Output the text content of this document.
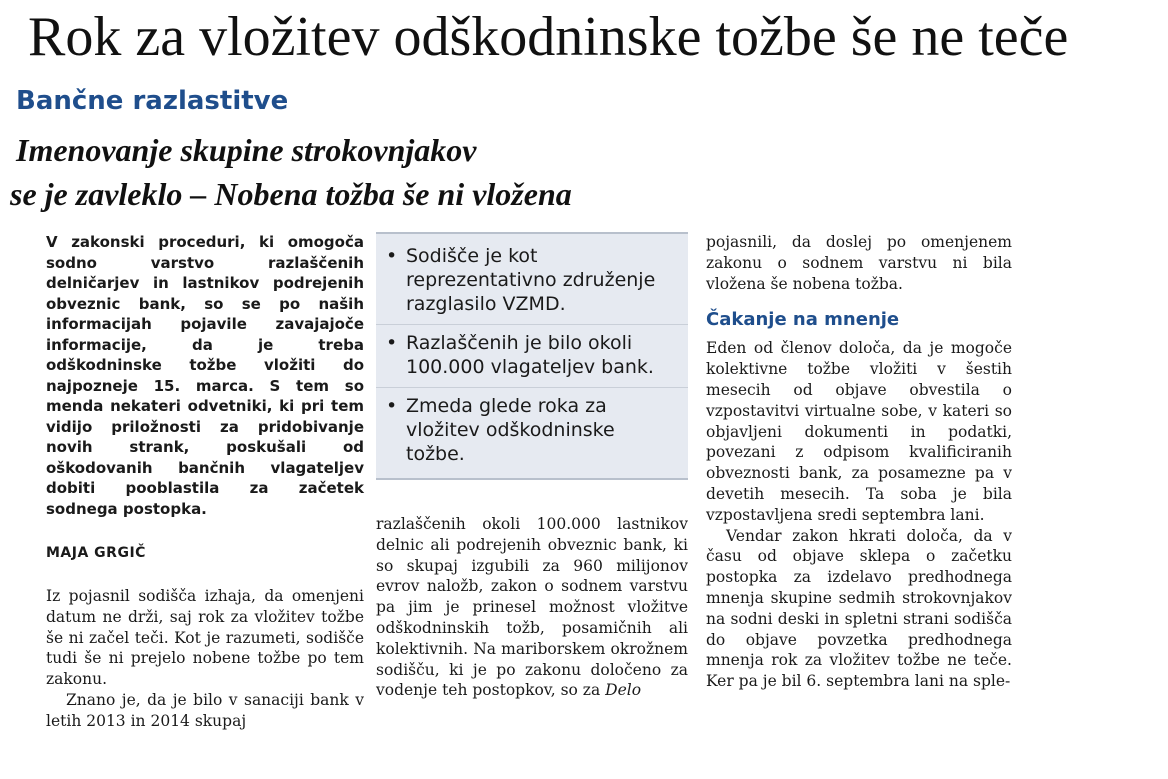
Rok za vložitev odškodninske tožbe še ne teče
Bančne razlastitve
Imenovanje skupine strokovnjakov
se je zavleklo – Nobena tožba še ni vložena

V zakonski proceduri, ki omogoča sodno varstvo razlaščenih delničarjev in lastnikov podrejenih obveznic bank, so se po naših informacijah pojavile zavajajoče informacije, da je treba odškodninske tožbe vložiti do najpozneje 15. marca. S tem so menda nekateri odvetniki, ki pri tem vidijo priložnosti za pridobivanje novih strank, poskušali od oškodovanih bančnih vlagateljev dobiti pooblastila za začetek sodnega postopka.

MAJA GRGIČ

Iz pojasnil sodišča izhaja, da omenjeni datum ne drži, saj rok za vložitev tožbe še ni začel teči. Kot je razumeti, sodišče tudi še ni prejelo nobene tožbe po tem zakonu.

Znano je, da je bilo v sanaciji bank v letih 2013 in 2014 skupaj

• Sodišče je kot reprezentativno združenje razglasilo VZMD.
• Razlaščenih je bilo okoli 100.000 vlagateljev bank.
• Zmeda glede roka za vložitev odškodninske tožbe.

razlaščenih okoli 100.000 lastnikov delnic ali podrejenih obveznic bank, ki so skupaj izgubili za 960 milijonov evrov naložb, zakon o sodnem varstvu pa jim je prinesel možnost vložitve odškodninskih tožb, posamičnih ali kolektivnih. Na mariborskem okrožnem sodišču, ki je po zakonu določeno za vodenje teh postopkov, so za Delo

pojasnili, da doslej po omenjenem zakonu o sodnem varstvu ni bila vložena še nobena tožba.

Čakanje na mnenje

Eden od členov določa, da je mogoče kolektivne tožbe vložiti v šestih mesecih od objave obvestila o vzpostavitvi virtualne sobe, v kateri so objavljeni dokumenti in podatki, povezani z odpisom kvalificiranih obveznosti bank, za posamezne pa v devetih mesecih. Ta soba je bila vzpostavljena sredi septembra lani.

Vendar zakon hkrati določa, da v času od objave sklepa o začetku postopka za izdelavo predhodnega mnenja skupine sedmih strokovnjakov na sodni deski in spletni strani sodišča do objave povzetka predhodnega mnenja rok za vložitev tožbe ne teče. Ker pa je bil 6. septembra lani na sple-
